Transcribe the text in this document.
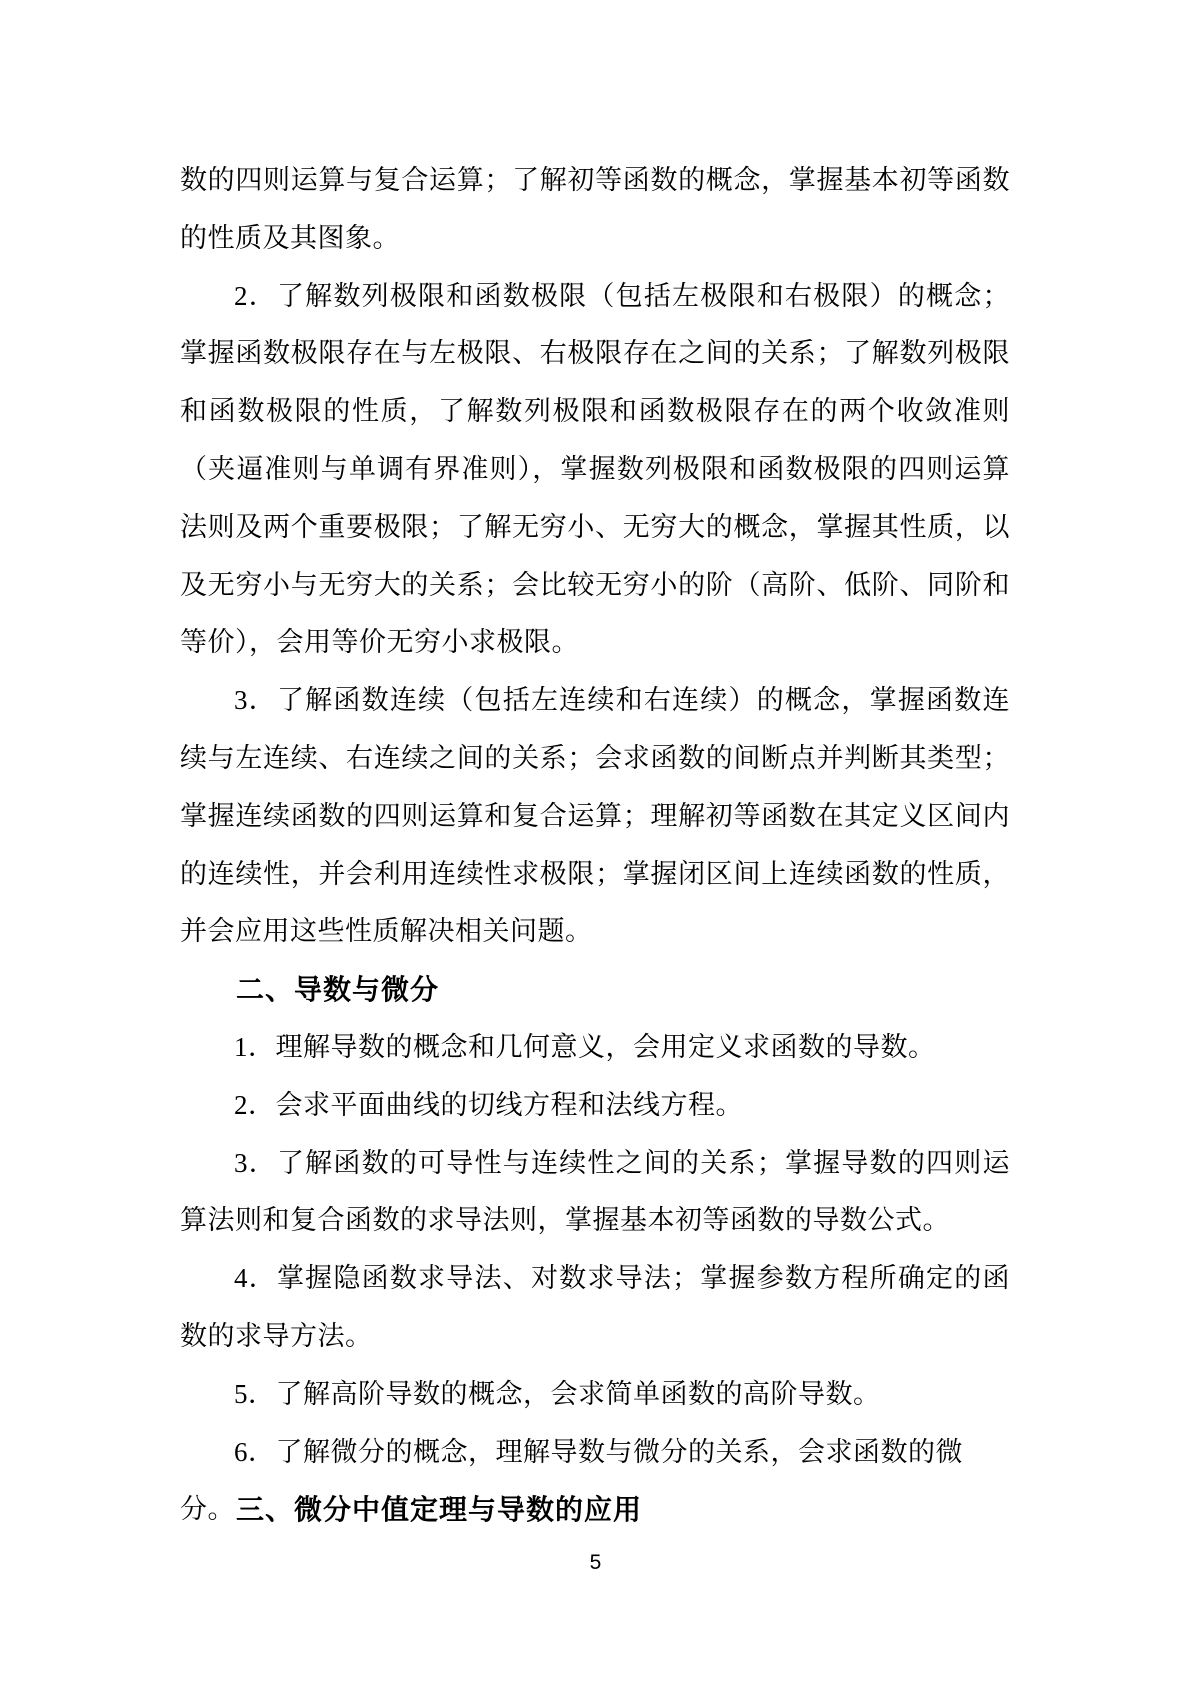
数的四则运算与复合运算；了解初等函数的概念，掌握基本初等函数
的性质及其图象。
2．了解数列极限和函数极限（包括左极限和右极限）的概念；
掌握函数极限存在与左极限、右极限存在之间的关系；了解数列极限
和函数极限的性质，了解数列极限和函数极限存在的两个收敛准则
（夹逼准则与单调有界准则），掌握数列极限和函数极限的四则运算
法则及两个重要极限；了解无穷小、无穷大的概念，掌握其性质，以
及无穷小与无穷大的关系；会比较无穷小的阶（高阶、低阶、同阶和
等价），会用等价无穷小求极限。
3．了解函数连续（包括左连续和右连续）的概念，掌握函数连
续与左连续、右连续之间的关系；会求函数的间断点并判断其类型；
掌握连续函数的四则运算和复合运算；理解初等函数在其定义区间内
的连续性，并会利用连续性求极限；掌握闭区间上连续函数的性质，
并会应用这些性质解决相关问题。
二、导数与微分
1．理解导数的概念和几何意义，会用定义求函数的导数。
2．会求平面曲线的切线方程和法线方程。
3．了解函数的可导性与连续性之间的关系；掌握导数的四则运
算法则和复合函数的求导法则，掌握基本初等函数的导数公式。
4．掌握隐函数求导法、对数求导法；掌握参数方程所确定的函
数的求导方法。
5．了解高阶导数的概念，会求简单函数的高阶导数。
6．了解微分的概念，理解导数与微分的关系，会求函数的微分。 三、微分中值定理与导数的应用
5
